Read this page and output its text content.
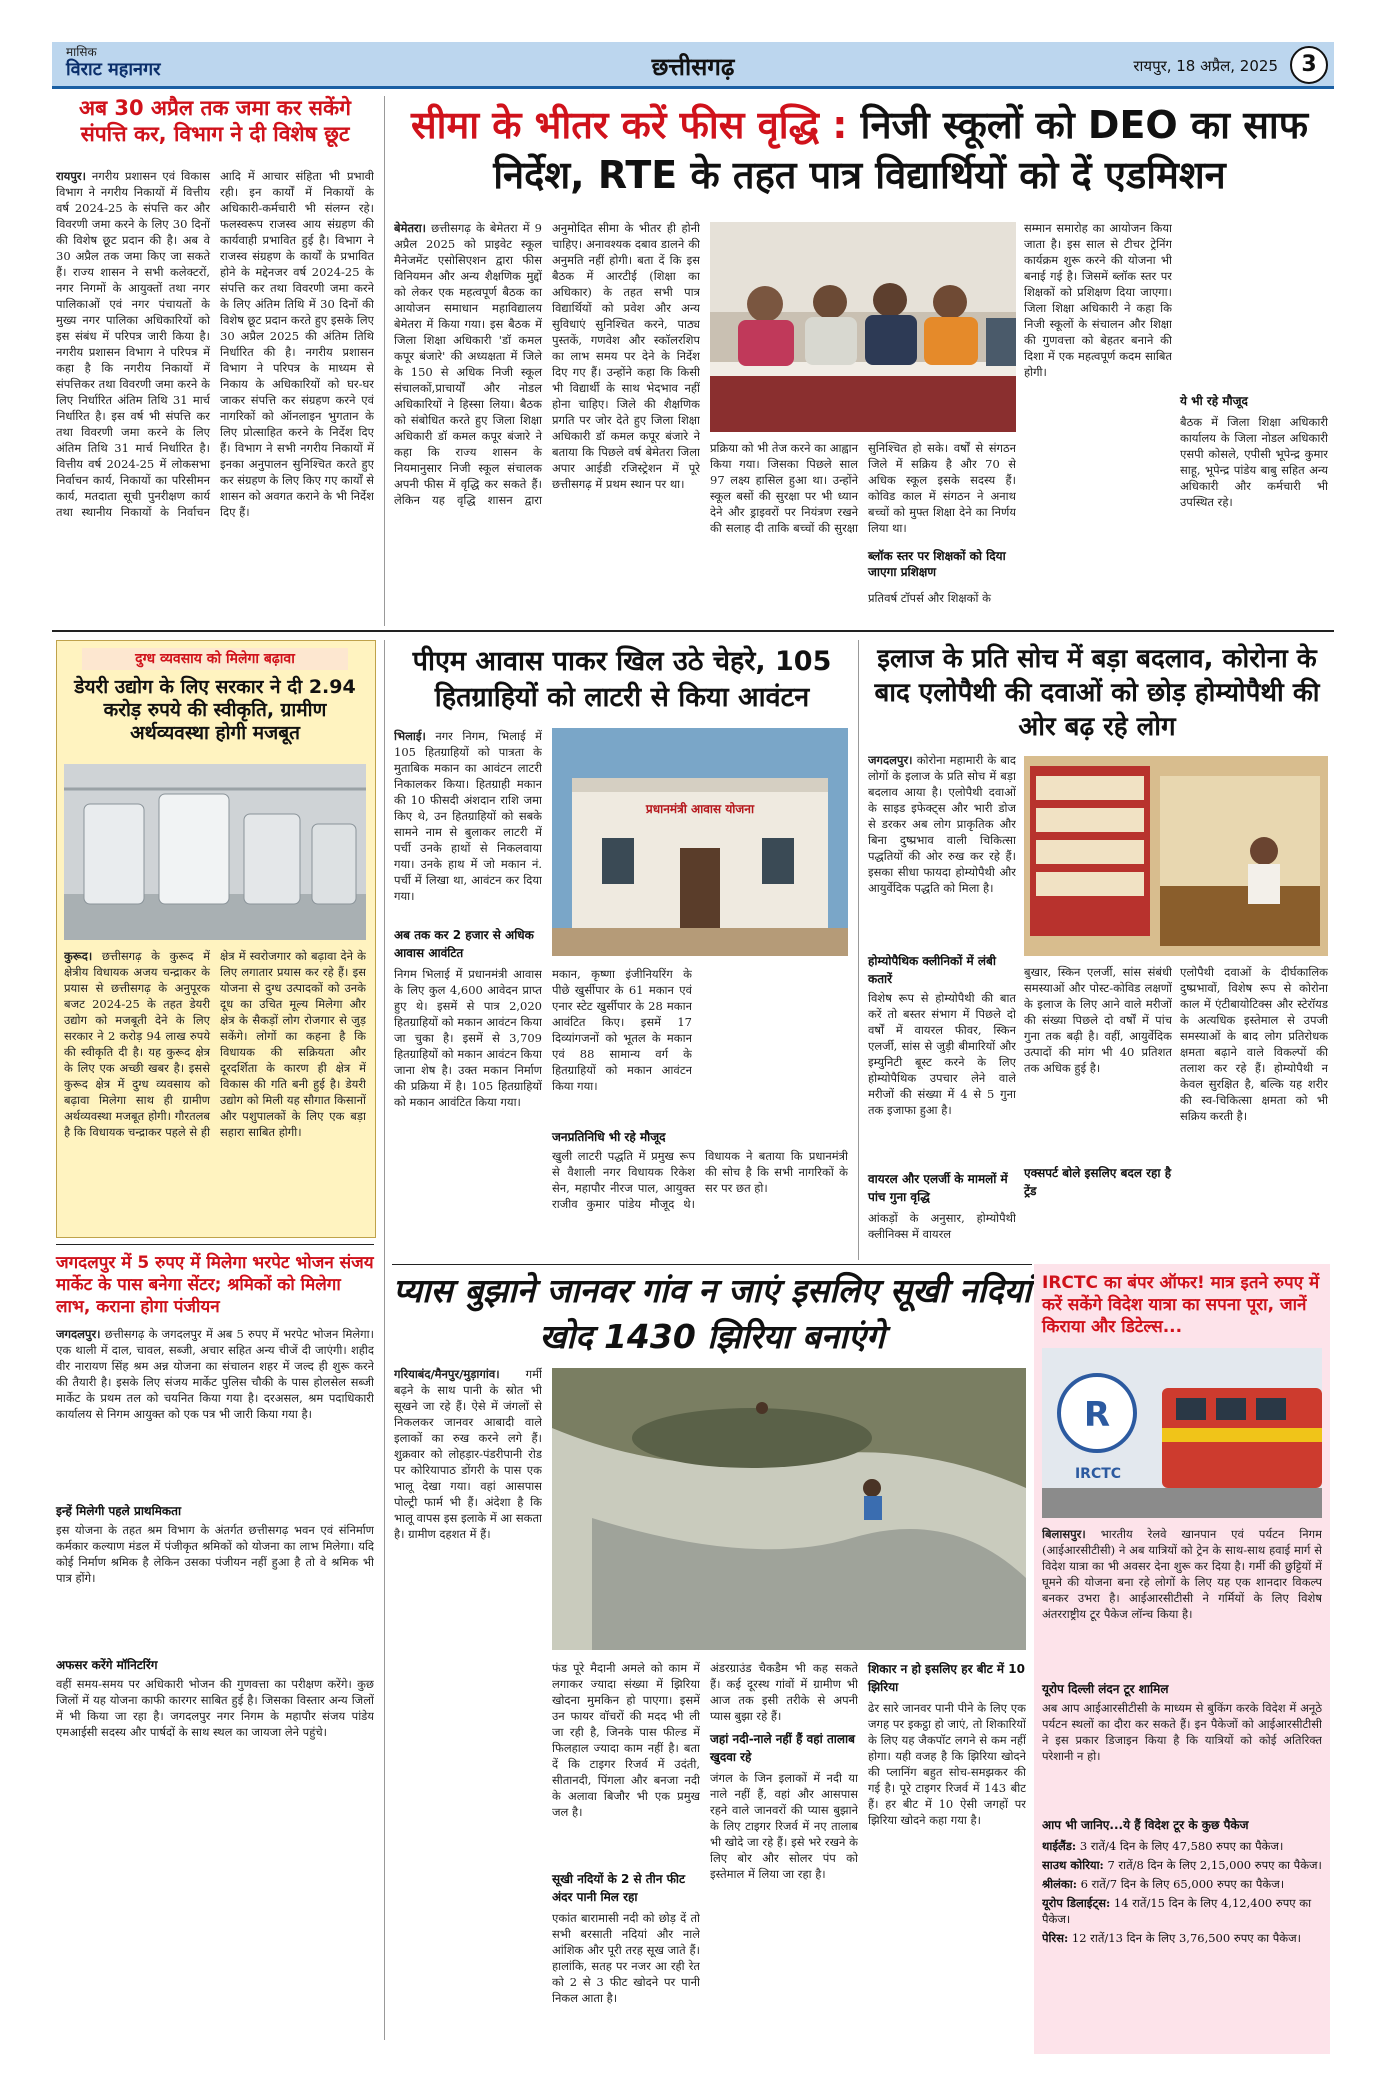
मासिक
विराट महानगर	छत्तीसगढ़	रायपुर, 18 अप्रैल, 2025	3
अब 30 अप्रैल तक जमा कर सकेंगे संपत्ति कर, विभाग ने दी विशेष छूट
रायपुर। नगरीय प्रशासन एवं विकास विभाग ने नगरीय निकायों में वित्तीय वर्ष 2024-25 के संपत्ति कर और विवरणी जमा करने के लिए 30 दिनों की विशेष छूट प्रदान की है। अब वे 30 अप्रैल तक जमा किए जा सकते हैं। राज्य शासन ने सभी कलेक्टरों, नगर निगमों के आयुक्तों तथा नगर पालिकाओं एवं नगर पंचायतों के मुख्य नगर पालिका अधिकारियों को इस संबंध में परिपत्र जारी किया है। नगरीय प्रशासन विभाग ने परिपत्र में कहा है कि नगरीय निकायों में संपत्तिकर तथा विवरणी जमा करने के लिए निर्धारित अंतिम तिथि 31 मार्च निर्धारित है। इस वर्ष भी संपत्ति कर तथा विवरणी जमा करने के लिए अंतिम तिथि 31 मार्च निर्धारित है। वित्तीय वर्ष 2024-25 में लोकसभा निर्वाचन कार्य, निकायों का परिसीमन कार्य, मतदाता सूची पुनरीक्षण कार्य तथा स्थानीय निकायों के निर्वाचन आदि में आचार संहिता भी प्रभावी रही। इन कार्यों में निकायों के अधिकारी-कर्मचारी भी संलग्न रहे। फलस्वरूप राजस्व आय संग्रहण की कार्यवाही प्रभावित हुई है। विभाग ने राजस्व संग्रहण के कार्यों के प्रभावित होने के मद्देनजर वर्ष 2024-25 के संपत्ति कर तथा विवरणी जमा करने के लिए अंतिम तिथि में 30 दिनों की विशेष छूट प्रदान करते हुए इसके लिए 30 अप्रैल 2025 की अंतिम तिथि निर्धारित की है। नगरीय प्रशासन विभाग ने परिपत्र के माध्यम से निकाय के अधिकारियों को घर-घर जाकर संपत्ति कर संग्रहण करने एवं नागरिकों को ऑनलाइन भुगतान के लिए प्रोत्साहित करने के निर्देश दिए हैं। विभाग ने सभी नगरीय निकायों में इनका अनुपालन सुनिश्चित करते हुए कर संग्रहण के लिए किए गए कार्यों से शासन को अवगत कराने के भी निर्देश दिए हैं।
सीमा के भीतर करें फीस वृद्धि : निजी स्कूलों को DEO का साफ निर्देश, RTE के तहत पात्र विद्यार्थियों को दें एडमिशन
बेमेतरा। छत्तीसगढ़ के बेमेतरा में 9 अप्रैल 2025 को प्राइवेट स्कूल मैनेजमेंट एसोसिएशन द्वारा फीस विनियमन और अन्य शैक्षणिक मुद्दों को लेकर एक महत्वपूर्ण बैठक का आयोजन समाधान महाविद्यालय बेमेतरा में किया गया। इस बैठक में जिला शिक्षा अधिकारी 'डॉ कमल कपूर बंजारे' की अध्यक्षता में जिले के 150 से अधिक निजी स्कूल संचालकों,प्राचार्यों और नोडल अधिकारियों ने हिस्सा लिया। बैठक को संबोधित करते हुए जिला शिक्षा अधिकारी डॉ कमल कपूर बंजारे ने कहा कि राज्य शासन के नियमानुसार निजी स्कूल संचालक अपनी फीस में वृद्धि कर सकते हैं। लेकिन यह वृद्धि शासन द्वारा अनुमोदित सीमा के भीतर ही होनी चाहिए। अनावश्यक दबाव डालने की अनुमति नहीं होगी। बता दें कि इस बैठक में आरटीई (शिक्षा का अधिकार) के तहत सभी पात्र विद्यार्थियों को प्रवेश और अन्य सुविधाएं सुनिश्चित करने, पाठ्य पुस्तकें, गणवेश और स्कॉलरशिप का लाभ समय पर देने के निर्देश दिए गए हैं। उन्होंने कहा कि किसी भी विद्यार्थी के साथ भेदभाव नहीं होना चाहिए। जिले की शैक्षणिक प्रगति पर जोर देते हुए जिला शिक्षा अधिकारी डॉ कमल कपूर बंजारे ने बताया कि पिछले वर्ष बेमेतरा जिला अपार आईडी रजिस्ट्रेशन में पूरे छत्तीसगढ़ में प्रथम स्थान पर था।
प्रक्रिया को भी तेज करने का आह्वान किया गया। जिसका पिछले साल 97 लक्ष्य हासिल हुआ था। उन्होंने स्कूल बसों की सुरक्षा पर भी ध्यान देने और ड्राइवरों पर नियंत्रण रखने की सलाह दी ताकि बच्चों की सुरक्षा सुनिश्चित हो सके। वर्षों से संगठन जिले में सक्रिय है और 70 से अधिक स्कूल इसके सदस्य हैं। कोविड काल में संगठन ने अनाथ बच्चों को मुफ्त शिक्षा देने का निर्णय लिया था।
ब्लॉक स्तर पर शिक्षकों को दिया जाएगा प्रशिक्षण
प्रतिवर्ष टॉपर्स और शिक्षकों के
सम्मान समारोह का आयोजन किया जाता है। इस साल से टीचर ट्रेनिंग कार्यक्रम शुरू करने की योजना भी बनाई गई है। जिसमें ब्लॉक स्तर पर शिक्षकों को प्रशिक्षण दिया जाएगा। जिला शिक्षा अधिकारी ने कहा कि निजी स्कूलों के संचालन और शिक्षा की गुणवत्ता को बेहतर बनाने की दिशा में एक महत्वपूर्ण कदम साबित होगी।
ये भी रहे मौजूद
बैठक में जिला शिक्षा अधिकारी कार्यालय के जिला नोडल अधिकारी एसपी कोसले, एपीसी भूपेन्द्र कुमार साहू, भूपेन्द्र पांडेय बाबु सहित अन्य अधिकारी और कर्मचारी भी उपस्थित रहे।
दुग्ध व्यवसाय को मिलेगा बढ़ावा
डेयरी उद्योग के लिए सरकार ने दी 2.94 करोड़ रुपये की स्वीकृति, ग्रामीण अर्थव्यवस्था होगी मजबूत
कुरूद। छत्तीसगढ़ के कुरूद में क्षेत्रीय विधायक अजय चन्द्राकर के प्रयास से छत्तीसगढ़ के अनुपूरक बजट 2024-25 के तहत डेयरी उद्योग को मजबूती देने के लिए सरकार ने 2 करोड़ 94 लाख रुपये की स्वीकृति दी है। यह कुरूद क्षेत्र के लिए एक अच्छी खबर है। इससे कुरूद क्षेत्र में दुग्ध व्यवसाय को बढ़ावा मिलेगा साथ ही ग्रामीण अर्थव्यवस्था मजबूत होगी। गौरतलब है कि विधायक चन्द्राकर पहले से ही क्षेत्र में स्वरोजगार को बढ़ावा देने के लिए लगातार प्रयास कर रहे हैं। इस योजना से दुग्ध उत्पादकों को उनके दूध का उचित मूल्य मिलेगा और क्षेत्र के सैकड़ों लोग रोजगार से जुड़ सकेंगे। लोगों का कहना है कि विधायक की सक्रियता और दूरदर्शिता के कारण ही क्षेत्र में विकास की गति बनी हुई है। डेयरी उद्योग को मिली यह सौगात किसानों और पशुपालकों के लिए एक बड़ा सहारा साबित होगी।
जगदलपुर में 5 रुपए में मिलेगा भरपेट भोजन संजय मार्केट के पास बनेगा सेंटर; श्रमिकों को मिलेगा लाभ, कराना होगा पंजीयन
जगदलपुर। छत्तीसगढ़ के जगदलपुर में अब 5 रुपए में भरपेट भोजन मिलेगा। एक थाली में दाल, चावल, सब्जी, अचार सहित अन्य चीजें दी जाएंगी। शहीद वीर नारायण सिंह श्रम अन्न योजना का संचालन शहर में जल्द ही शुरू करने की तैयारी है। इसके लिए संजय मार्केट पुलिस चौकी के पास होलसेल सब्जी मार्केट के प्रथम तल को चयनित किया गया है। दरअसल, श्रम पदाधिकारी कार्यालय से निगम आयुक्त को एक पत्र भी जारी किया गया है।
इन्हें मिलेगी पहले प्राथमिकता
इस योजना के तहत श्रम विभाग के अंतर्गत छत्तीसगढ़ भवन एवं संनिर्माण कर्मकार कल्याण मंडल में पंजीकृत श्रमिकों को योजना का लाभ मिलेगा। यदि कोई निर्माण श्रमिक है लेकिन उसका पंजीयन नहीं हुआ है तो वे श्रमिक भी पात्र होंगे।
अफसर करेंगे मॉनिटरिंग
वहीं समय-समय पर अधिकारी भोजन की गुणवत्ता का परीक्षण करेंगे। कुछ जिलों में यह योजना काफी कारगर साबित हुई है। जिसका विस्तार अन्य जिलों में भी किया जा रहा है। जगदलपुर नगर निगम के महापौर संजय पांडेय एमआईसी सदस्य और पार्षदों के साथ स्थल का जायजा लेने पहुंचे।
पीएम आवास पाकर खिल उठे चेहरे, 105 हितग्राहियों को लाटरी से किया आवंटन
भिलाई। नगर निगम, भिलाई में 105 हितग्राहियों को पात्रता के मुताबिक मकान का आवंटन लाटरी निकालकर किया। हितग्राही मकान की 10 फीसदी अंशदान राशि जमा किए थे, उन हितग्राहियों को सबके सामने नाम से बुलाकर लाटरी में पर्ची उनके हाथों से निकलवाया गया। उनके हाथ में जो मकान नं. पर्ची में लिखा था, आवंटन कर दिया गया।
अब तक कर 2 हजार से अधिक आवास आवंटित
प्रधानमंत्री आवास योजना
निगम भिलाई में प्रधानमंत्री आवास के लिए कुल 4,600 आवेदन प्राप्त हुए थे। इसमें से पात्र 2,020 हितग्राहियों को मकान आवंटन किया जा चुका है। इसमें से 3,709 हितग्राहियों को मकान आवंटन किया जाना शेष है। उक्त मकान निर्माण की प्रक्रिया में है। 105 हितग्राहियों को मकान आवंटित किया गया।
मकान, कृष्णा इंजीनियरिंग के पीछे खुर्सीपार के 61 मकान एवं एनार स्टेट खुर्सीपार के 28 मकान आवंटित किए। इसमें 17 दिव्यांगजनों को भूतल के मकान एवं 88 सामान्य वर्ग के हितग्राहियों को मकान आवंटन किया गया।
जनप्रतिनिधि भी रहे मौजूद
खुली लाटरी पद्धति में प्रमुख रूप से वैशाली नगर विधायक रिकेश सेन, महापौर नीरज पाल, आयुक्त राजीव कुमार पांडेय मौजूद थे। विधायक ने बताया कि प्रधानमंत्री की सोच है कि सभी नागरिकों के सर पर छत हो।
इलाज के प्रति सोच में बड़ा बदलाव, कोरोना के बाद एलोपैथी की दवाओं को छोड़ होम्योपैथी की ओर बढ़ रहे लोग
जगदलपुर। कोरोना महामारी के बाद लोगों के इलाज के प्रति सोच में बड़ा बदलाव आया है। एलोपैथी दवाओं के साइड इफेक्ट्स और भारी डोज से डरकर अब लोग प्राकृतिक और बिना दुष्प्रभाव वाली चिकित्सा पद्धतियों की ओर रुख कर रहे हैं। इसका सीधा फायदा होम्योपैथी और आयुर्वेदिक पद्धति को मिला है।
होम्योपैथिक क्लीनिकों में लंबी कतारें
विशेष रूप से होम्योपैथी की बात करें तो बस्तर संभाग में पिछले दो वर्षों में वायरल फीवर, स्किन एलर्जी, सांस से जुड़ी बीमारियों और इम्युनिटी बूस्ट करने के लिए होम्योपैथिक उपचार लेने वाले मरीजों की संख्या में 4 से 5 गुना तक इजाफा हुआ है।
वायरल और एलर्जी के मामलों में पांच गुना वृद्धि
आंकड़ों के अनुसार, होम्योपैथी क्लीनिक्स में वायरल
बुखार, स्किन एलर्जी, सांस संबंधी समस्याओं और पोस्ट-कोविड लक्षणों के इलाज के लिए आने वाले मरीजों की संख्या पिछले दो वर्षों में पांच गुना तक बढ़ी है। वहीं, आयुर्वेदिक उत्पादों की मांग भी 40 प्रतिशत तक अधिक हुई है।
एक्सपर्ट बोले इसलिए बदल रहा है ट्रेंड
एलोपैथी दवाओं के दीर्घकालिक दुष्प्रभावों, विशेष रूप से कोरोना काल में एंटीबायोटिक्स और स्टेरॉयड के अत्यधिक इस्तेमाल से उपजी समस्याओं के बाद लोग प्रतिरोधक क्षमता बढ़ाने वाले विकल्पों की तलाश कर रहे हैं। होम्योपैथी न केवल सुरक्षित है, बल्कि यह शरीर की स्व-चिकित्सा क्षमता को भी सक्रिय करती है।
प्यास बुझाने जानवर गांव न जाएं इसलिए सूखी नदियां खोद 1430 झिरिया बनाएंगे
गरियाबंद/मैनपुर/मुड़ागांव। गर्मी बढ़ने के साथ पानी के स्रोत भी सूखने जा रहे हैं। ऐसे में जंगलों से निकलकर जानवर आबादी वाले इलाकों का रुख करने लगे हैं। शुक्रवार को लोहड़ार-पंडरीपानी रोड पर कोरियापाठ डोंगरी के पास एक भालू देखा गया। वहां आसपास पोल्ट्री फार्म भी हैं। अंदेशा है कि भालू वापस इस इलाके में आ सकता है। ग्रामीण दहशत में हैं।
फंड पूरे मैदानी अमले को काम में लगाकर ज्यादा संख्या में झिरिया खोदना मुमकिन हो पाएगा। इसमें उन फायर वॉचरों की मदद भी ली जा रही है, जिनके पास फील्ड में फिलहाल ज्यादा काम नहीं है। बता दें कि टाइगर रिजर्व में उदंती, सीतानदी, पिंगला और बनजा नदी के अलावा बिजौर भी एक प्रमुख जल है।
सूखी नदियों के 2 से तीन फीट अंदर पानी मिल रहा
एकांत बारामासी नदी को छोड़ दें तो सभी बरसाती नदियां और नाले आंशिक और पूरी तरह सूख जाते हैं। हालांकि, सतह पर नजर आ रही रेत को 2 से 3 फीट खोदने पर पानी निकल आता है।
अंडरग्राउंड चैकडैम भी कह सकते हैं। कई दूरस्थ गांवों में ग्रामीण भी आज तक इसी तरीके से अपनी प्यास बुझा रहे हैं।
जहां नदी-नाले नहीं हैं वहां तालाब खुदवा रहे
जंगल के जिन इलाकों में नदी या नाले नहीं हैं, वहां और आसपास रहने वाले जानवरों की प्यास बुझाने के लिए टाइगर रिजर्व में नए तालाब भी खोदे जा रहे हैं। इसे भरे रखने के लिए बोर और सोलर पंप को इस्तेमाल में लिया जा रहा है।
शिकार न हो इसलिए हर बीट में 10 झिरिया
ढेर सारे जानवर पानी पीने के लिए एक जगह पर इकट्ठा हो जाएं, तो शिकारियों के लिए यह जैकपॉट लगने से कम नहीं होगा। यही वजह है कि झिरिया खोदने की प्लानिंग बहुत सोच-समझकर की गई है। पूरे टाइगर रिजर्व में 143 बीट हैं। हर बीट में 10 ऐसी जगहों पर झिरिया खोदने कहा गया है।
IRCTC का बंपर ऑफर! मात्र इतने रुपए में करें सकेंगे विदेश यात्रा का सपना पूरा, जानें किराया और डिटेल्स...
R
IRCTC
बिलासपुर। भारतीय रेलवे खानपान एवं पर्यटन निगम (आईआरसीटीसी) ने अब यात्रियों को ट्रेन के साथ-साथ हवाई मार्ग से विदेश यात्रा का भी अवसर देना शुरू कर दिया है। गर्मी की छुट्टियों में घूमने की योजना बना रहे लोगों के लिए यह एक शानदार विकल्प बनकर उभरा है। आईआरसीटीसी ने गर्मियों के लिए विशेष अंतरराष्ट्रीय टूर पैकेज लॉन्च किया है।
यूरोप दिल्ली लंदन टूर शामिल
अब आप आईआरसीटीसी के माध्यम से बुकिंग करके विदेश में अनूठे पर्यटन स्थलों का दौरा कर सकते हैं। इन पैकेजों को आईआरसीटीसी ने इस प्रकार डिजाइन किया है कि यात्रियों को कोई अतिरिक्त परेशानी न हो।
आप भी जानिए...ये हैं विदेश टूर के कुछ पैकेज
थाईलैंड: 3 रातें/4 दिन के लिए 47,580 रुपए का पैकेज।
साउथ कोरिया: 7 रातें/8 दिन के लिए 2,15,000 रुपए का पैकेज।
श्रीलंका: 6 रातें/7 दिन के लिए 65,000 रुपए का पैकेज।
यूरोप डिलाईट्स: 14 रातें/15 दिन के लिए 4,12,400 रुपए का पैकेज।
पेरिस: 12 रातें/13 दिन के लिए 3,76,500 रुपए का पैकेज।
